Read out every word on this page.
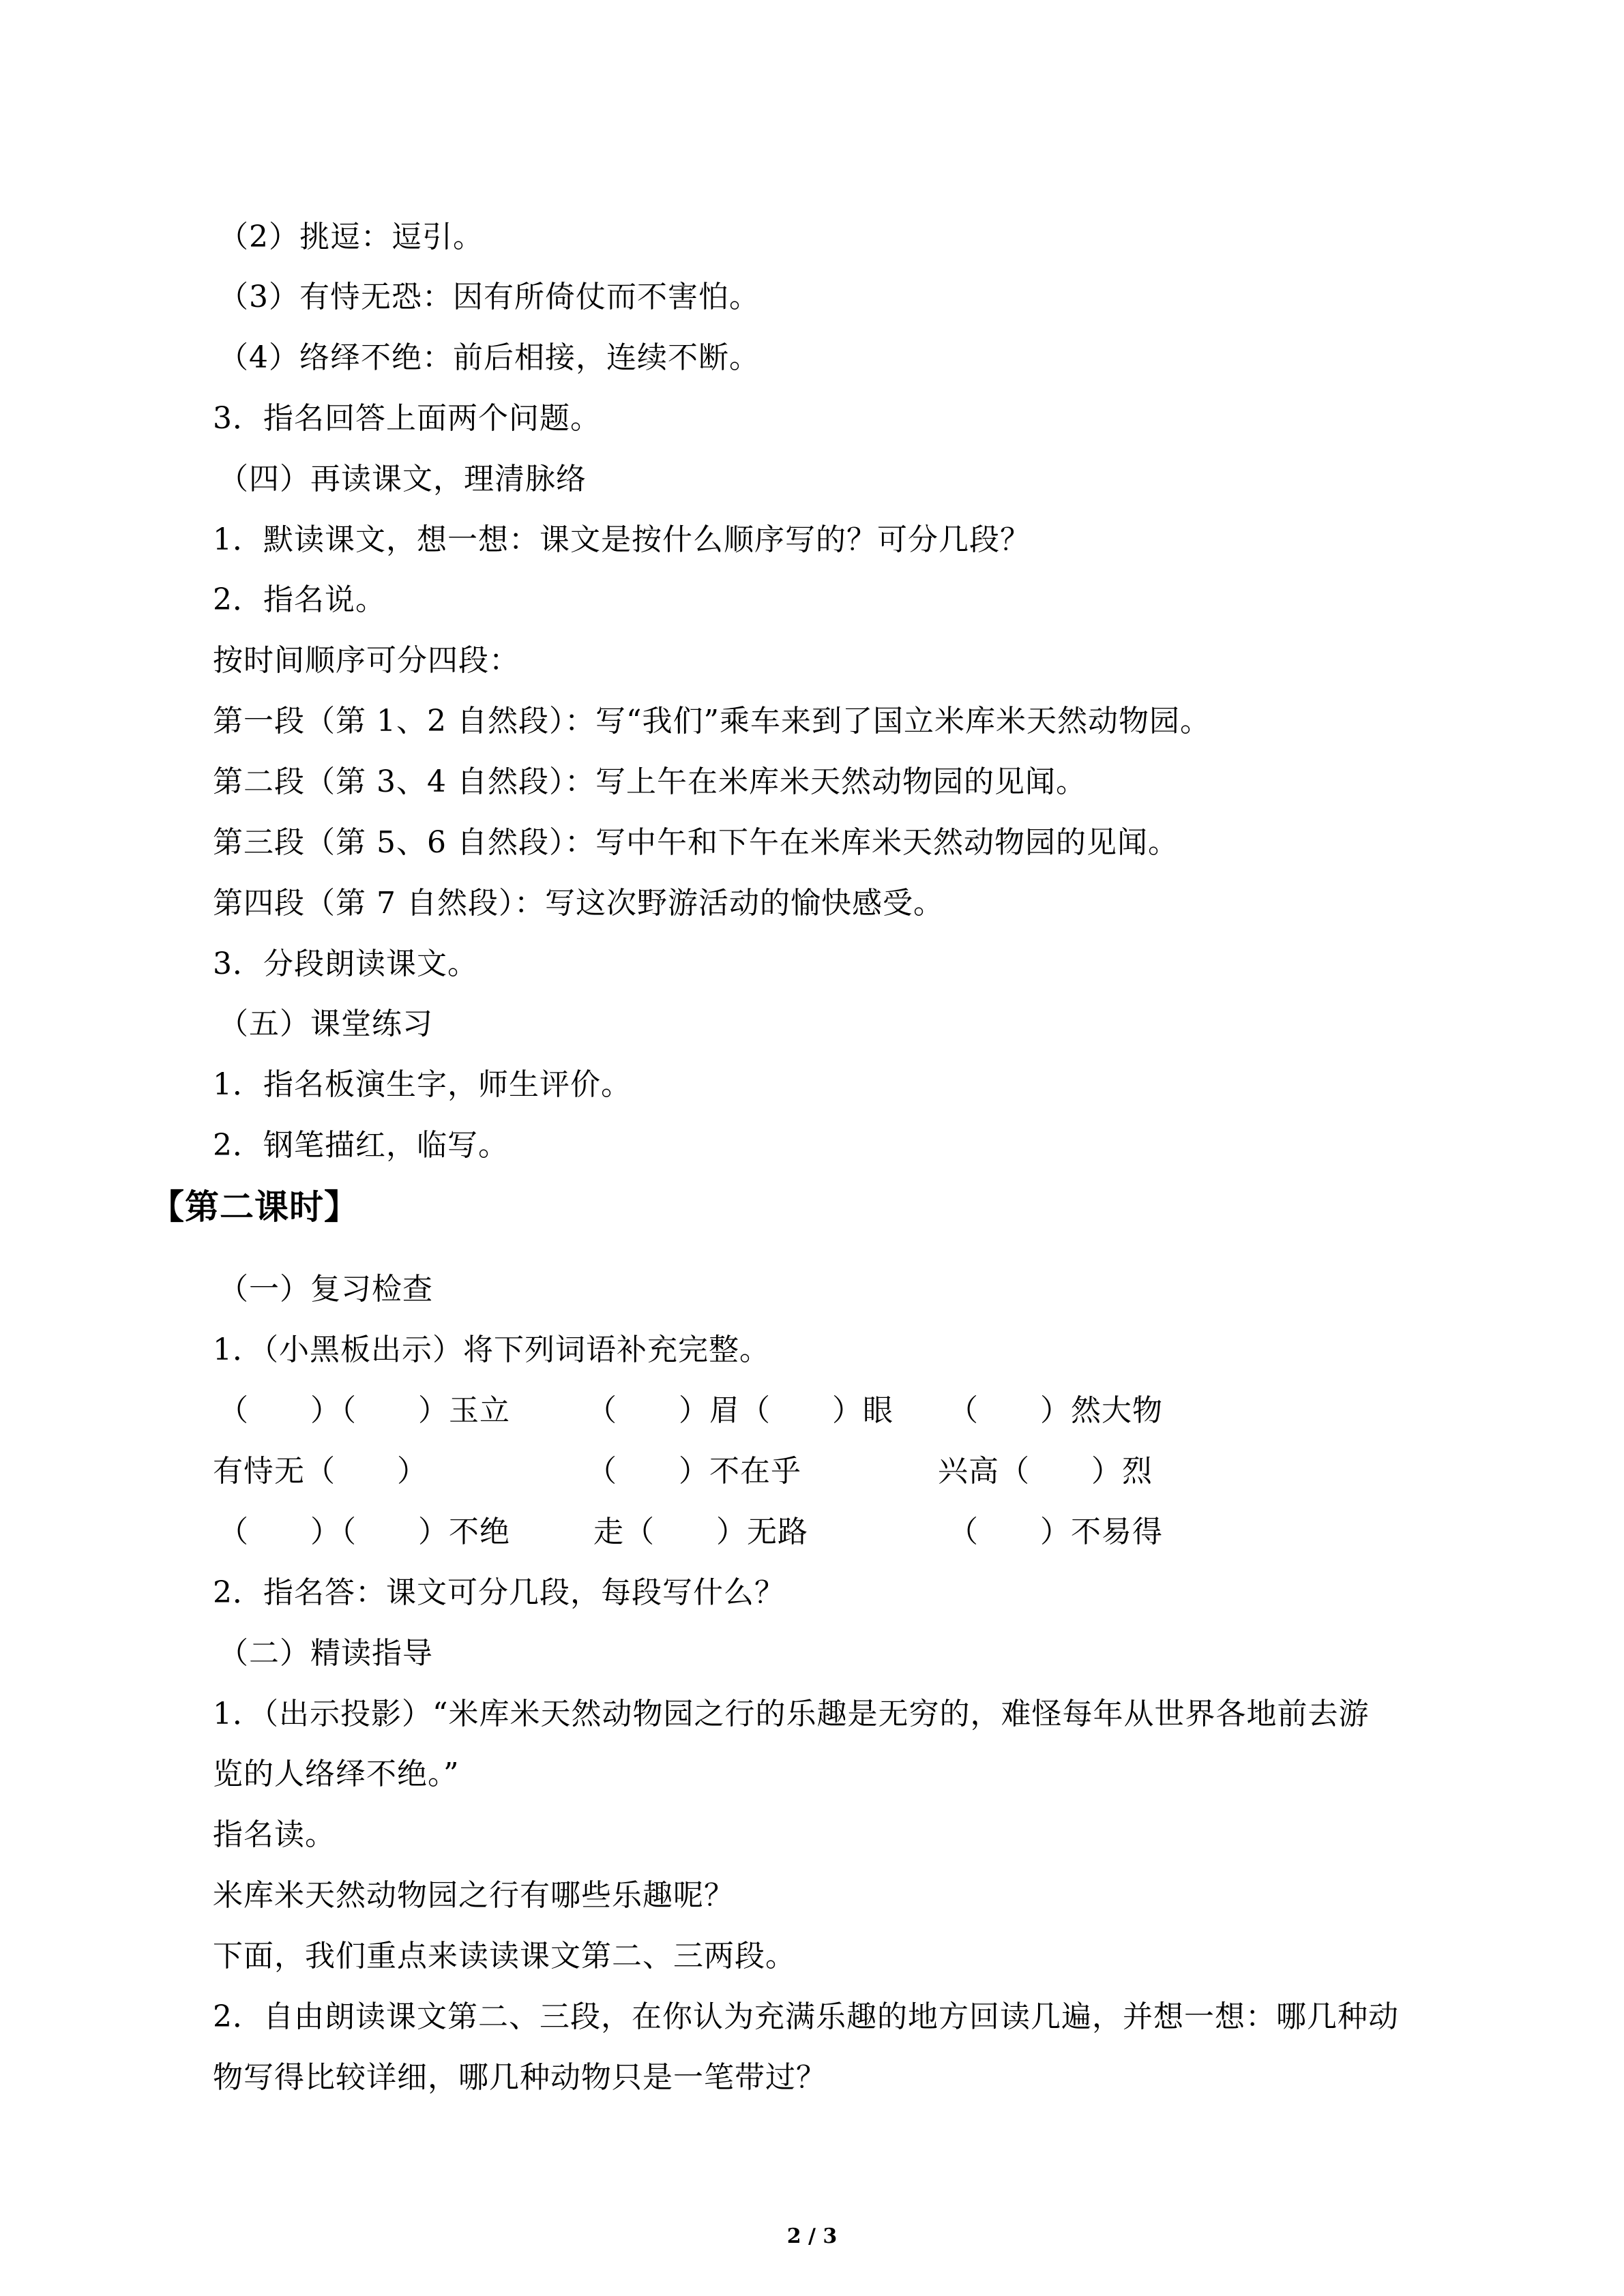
（2）挑逗：逗引。
（3）有恃无恐：因有所倚仗而不害怕。
（4）络绎不绝：前后相接，连续不断。
3．指名回答上面两个问题。
（四）再读课文，理清脉络
1．默读课文，想一想：课文是按什么顺序写的？可分几段？
2．指名说。
按时间顺序可分四段：
第一段（第 1、2 自然段）：写“我们”乘车来到了国立米库米天然动物园。
第二段（第 3、4 自然段）：写上午在米库米天然动物园的见闻。
第三段（第 5、6 自然段）：写中午和下午在米库米天然动物园的见闻。
第四段（第 7 自然段）：写这次野游活动的愉快感受。
3．分段朗读课文。
（五）课堂练习
1．指名板演生字，师生评价。
2．钢笔描红，临写。
【第二课时】
（一）复习检查
1．（小黑板出示）将下列词语补充完整。
（　　）（　　）玉立	（　　）眉（　　）眼 （　　）然大物
有恃无（　　）	（　　）不在乎	兴高（　　）烈
（　　）（　　）不绝	走（　　）无路	（　　）不易得
2．指名答：课文可分几段，每段写什么？
（二）精读指导
1．（出示投影）“米库米天然动物园之行的乐趣是无穷的，难怪每年从世界各地前去游
览的人络绎不绝。”
指名读。
米库米天然动物园之行有哪些乐趣呢？
下面，我们重点来读读课文第二、三两段。
2．自由朗读课文第二、三段，在你认为充满乐趣的地方回读几遍，并想一想：哪几种动
物写得比较详细，哪几种动物只是一笔带过？
2 / 3
